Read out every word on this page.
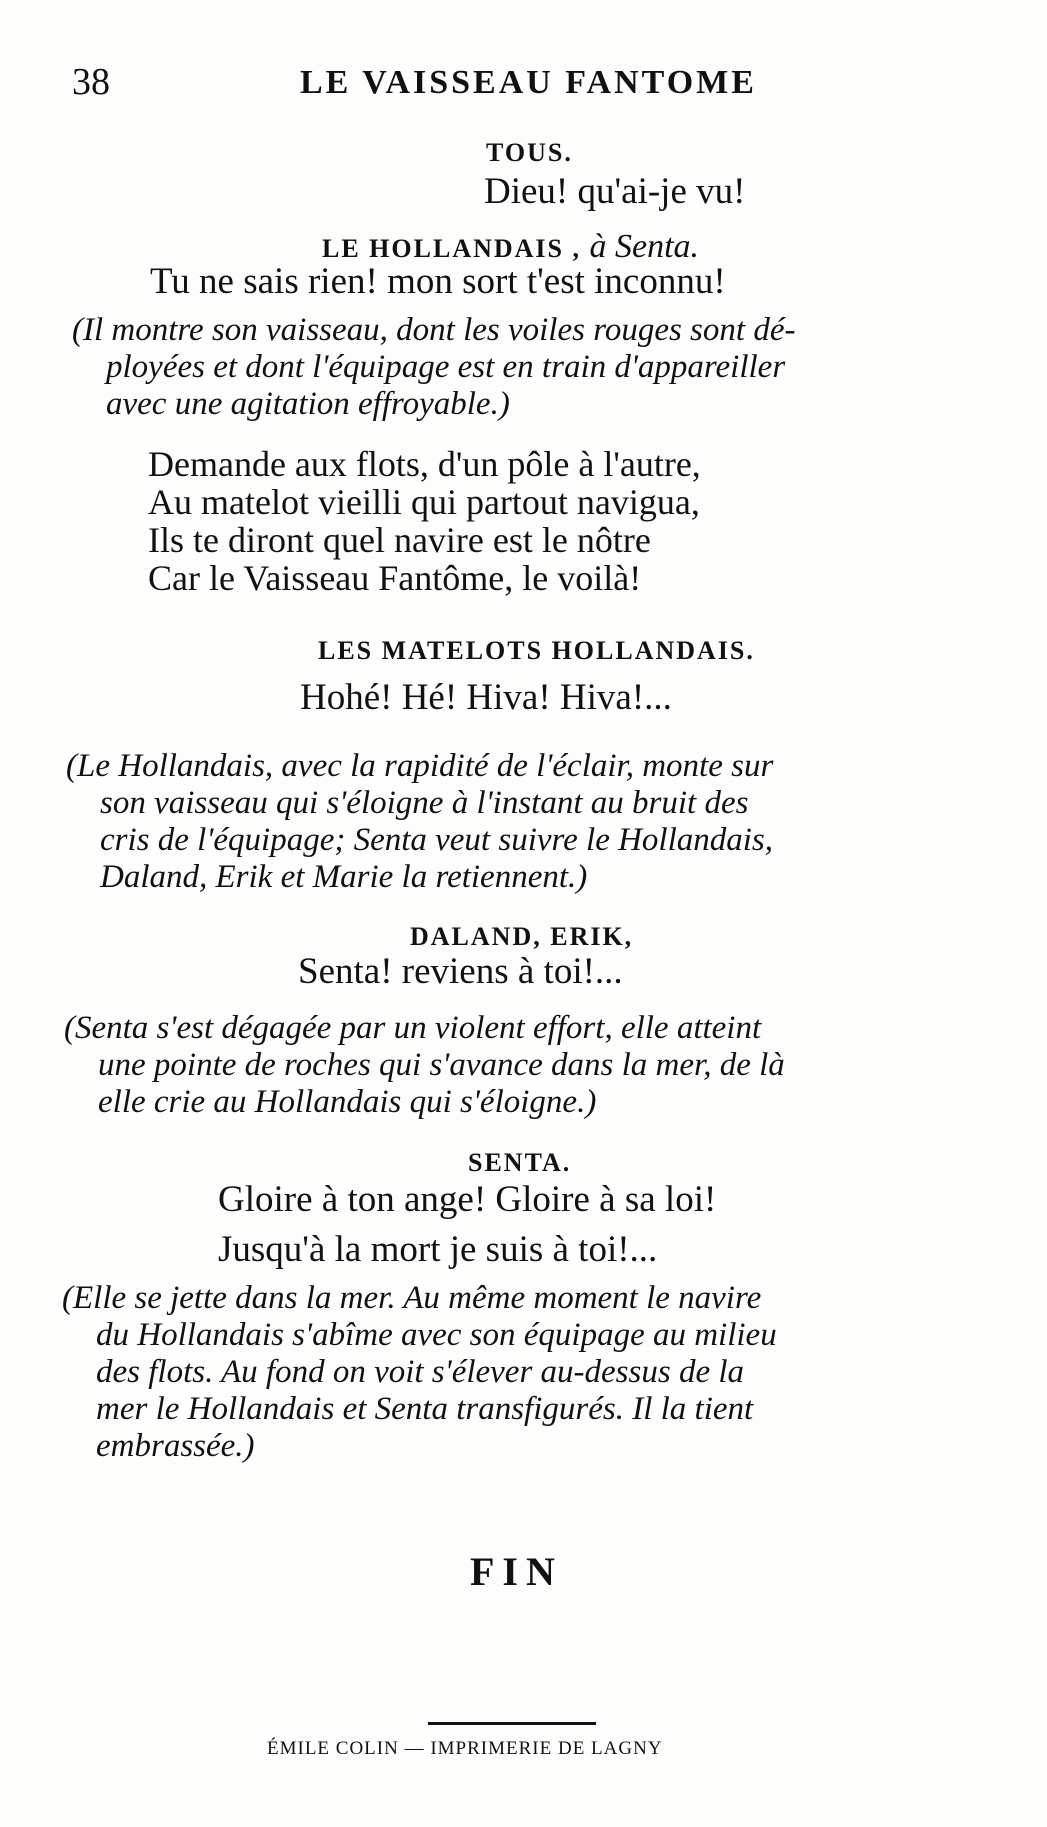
38	LE VAISSEAU FANTOME
TOUS.
Dieu! qu'ai-je vu!
LE HOLLANDAIS , à Senta.
Tu ne sais rien! mon sort t'est inconnu!
(Il montre son vaisseau, dont les voiles rouges sont dé-
ployées et dont l'équipage est en train d'appareiller
avec une agitation effroyable.)
Demande aux flots, d'un pôle à l'autre,
Au matelot vieilli qui partout navigua,
Ils te diront quel navire est le nôtre
Car le Vaisseau Fantôme, le voilà!
LES MATELOTS HOLLANDAIS.
Hohé! Hé! Hiva! Hiva!...
(Le Hollandais, avec la rapidité de l'éclair, monte sur
son vaisseau qui s'éloigne à l'instant au bruit des
cris de l'équipage; Senta veut suivre le Hollandais,
Daland, Erik et Marie la retiennent.)
DALAND, ERIK,
Senta! reviens à toi!...
(Senta s'est dégagée par un violent effort, elle atteint
une pointe de roches qui s'avance dans la mer, de là
elle crie au Hollandais qui s'éloigne.)
SENTA.
Gloire à ton ange! Gloire à sa loi!
Jusqu'à la mort je suis à toi!...
(Elle se jette dans la mer. Au même moment le navire
du Hollandais s'abîme avec son équipage au milieu
des flots. Au fond on voit s'élever au-dessus de la
mer le Hollandais et Senta transfigurés. Il la tient
embrassée.)
FIN
ÉMILE COLIN — IMPRIMERIE DE LAGNY
